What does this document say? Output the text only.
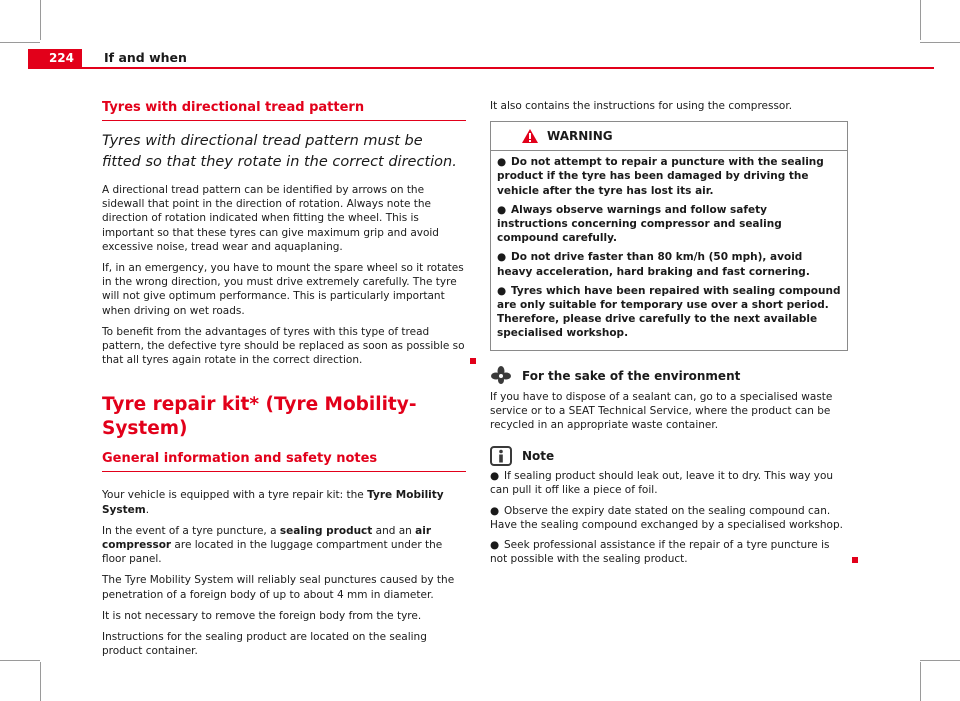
224	If and when
Tyres with directional tread pattern
Tyres with directional tread pattern must be fitted so that they rotate in the correct direction.

A directional tread pattern can be identified by arrows on the sidewall that point in the direction of rotation. Always note the direction of rotation indicated when fitting the wheel. This is important so that these tyres can give maximum grip and avoid excessive noise, tread wear and aquaplaning.

If, in an emergency, you have to mount the spare wheel so it rotates in the wrong direction, you must drive extremely carefully. The tyre will not give optimum performance. This is particularly important when driving on wet roads.

To benefit from the advantages of tyres with this type of tread pattern, the defective tyre should be replaced as soon as possible so that all tyres again rotate in the correct direction.

Tyre repair kit* (Tyre Mobility-System)
General information and safety notes

Your vehicle is equipped with a tyre repair kit: the Tyre Mobility System.

In the event of a tyre puncture, a sealing product and an air compressor are located in the luggage compartment under the floor panel.

The Tyre Mobility System will reliably seal punctures caused by the penetration of a foreign body of up to about 4 mm in diameter.

It is not necessary to remove the foreign body from the tyre.

Instructions for the sealing product are located on the sealing product container.

It also contains the instructions for using the compressor.

WARNING
● Do not attempt to repair a puncture with the sealing product if the tyre has been damaged by driving the vehicle after the tyre has lost its air.
● Always observe warnings and follow safety instructions concerning compressor and sealing compound carefully.
● Do not drive faster than 80 km/h (50 mph), avoid heavy acceleration, hard braking and fast cornering.
● Tyres which have been repaired with sealing compound are only suitable for temporary use over a short period. Therefore, please drive carefully to the next available specialised workshop.
For the sake of the environment

If you have to dispose of a sealant can, go to a specialised waste service or to a SEAT Technical Service, where the product can be recycled in an appropriate waste container.

Note
● If sealing product should leak out, leave it to dry. This way you can pull it off like a piece of foil.
● Observe the expiry date stated on the sealing compound can. Have the sealing compound exchanged by a specialised workshop.
● Seek professional assistance if the repair of a tyre puncture is not possible with the sealing product.
